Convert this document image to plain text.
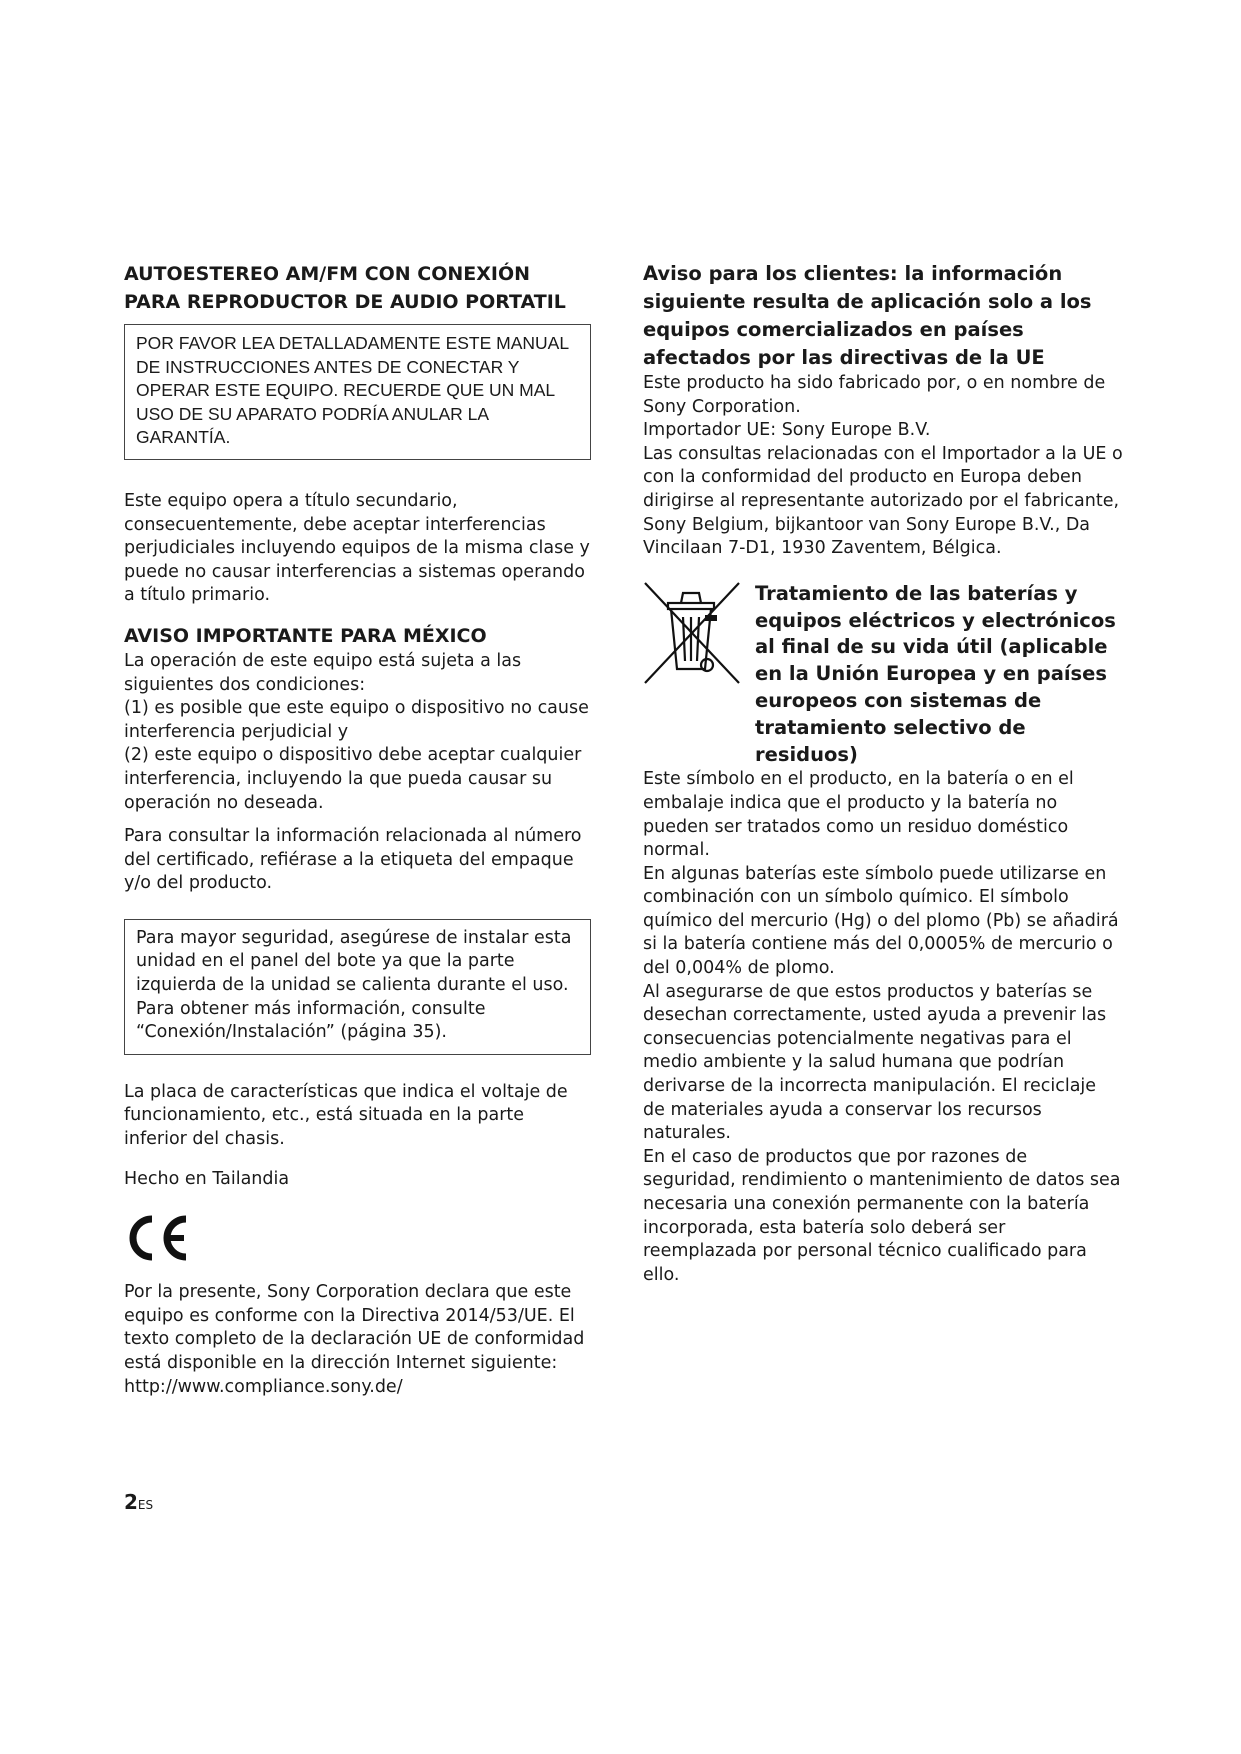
AUTOESTEREO AM/FM CON CONEXIÓN PARA REPRODUCTOR DE AUDIO PORTATIL

POR FAVOR LEA DETALLADAMENTE ESTE MANUAL DE INSTRUCCIONES ANTES DE CONECTAR Y OPERAR ESTE EQUIPO. RECUERDE QUE UN MAL USO DE SU APARATO PODRÍA ANULAR LA GARANTÍA.

Este equipo opera a título secundario, consecuentemente, debe aceptar interferencias perjudiciales incluyendo equipos de la misma clase y puede no causar interferencias a sistemas operando a título primario.

AVISO IMPORTANTE PARA MÉXICO

La operación de este equipo está sujeta a las siguientes dos condiciones:

(1) es posible que este equipo o dispositivo no cause interferencia perjudicial y

(2) este equipo o dispositivo debe aceptar cualquier interferencia, incluyendo la que pueda causar su operación no deseada.

Para consultar la información relacionada al número del certificado, refiérase a la etiqueta del empaque y/o del producto.

Para mayor seguridad, asegúrese de instalar esta unidad en el panel del bote ya que la parte izquierda de la unidad se calienta durante el uso. Para obtener más información, consulte “Conexión/Instalación” (página 35).

La placa de características que indica el voltaje de funcionamiento, etc., está situada en la parte inferior del chasis.

Hecho en Tailandia

CE

Por la presente, Sony Corporation declara que este equipo es conforme con la Directiva 2014/53/UE. El texto completo de la declaración UE de conformidad está disponible en la dirección Internet siguiente:

http://www.compliance.sony.de/

Aviso para los clientes: la información siguiente resulta de aplicación solo a los equipos comercializados en países afectados por las directivas de la UE

Este producto ha sido fabricado por, o en nombre de Sony Corporation.

Importador UE: Sony Europe B.V.

Las consultas relacionadas con el Importador a la UE o con la conformidad del producto en Europa deben dirigirse al representante autorizado por el fabricante, Sony Belgium, bijkantoor van Sony Europe B.V., Da Vincilaan 7-D1, 1930 Zaventem, Bélgica.

Tratamiento de las baterías y equipos eléctricos y electrónicos al final de su vida útil (aplicable en la Unión Europea y en países europeos con sistemas de tratamiento selectivo de residuos)

Este símbolo en el producto, en la batería o en el embalaje indica que el producto y la batería no pueden ser tratados como un residuo doméstico normal.

En algunas baterías este símbolo puede utilizarse en combinación con un símbolo químico. El símbolo químico del mercurio (Hg) o del plomo (Pb) se añadirá si la batería contiene más del 0,0005% de mercurio o del 0,004% de plomo.

Al asegurarse de que estos productos y baterías se desechan correctamente, usted ayuda a prevenir las consecuencias potencialmente negativas para el medio ambiente y la salud humana que podrían derivarse de la incorrecta manipulación. El reciclaje de materiales ayuda a conservar los recursos naturales.

En el caso de productos que por razones de seguridad, rendimiento o mantenimiento de datos sea necesaria una conexión permanente con la batería incorporada, esta batería solo deberá ser reemplazada por personal técnico cualificado para ello.

2ES
